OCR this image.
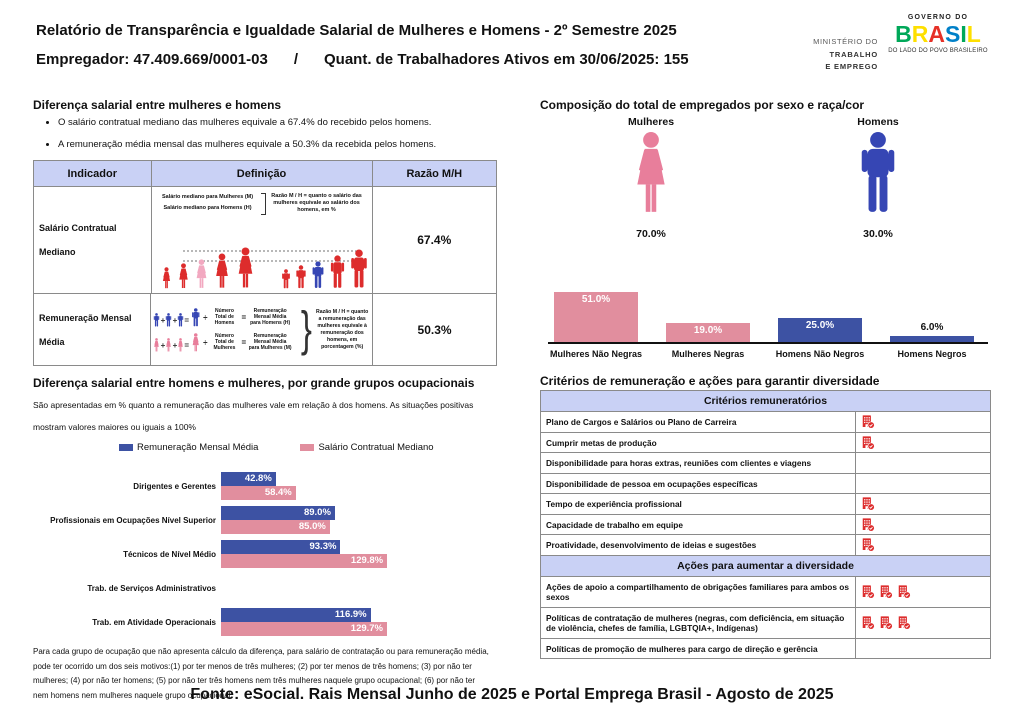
Relatório de Transparência e Igualdade Salarial de Mulheres e Homens - 2º Semestre 2025
Empregador: 47.409.669/0001-03 / Quant. de Trabalhadores Ativos em 30/06/2025: 155
MINISTÉRIO DO
TRABALHO
E EMPREGO
GOVERNO DO
BRASIL
DO LADO DO POVO BRASILEIRO
Diferença salarial entre mulheres e homens
• O salário contratual mediano das mulheres equivale a 67.4% do recebido pelos homens.
• A remuneração média mensal das mulheres equivale a 50.3% da recebida pelos homens.
Indicador	Definição	Razão M/H
Salário Contratual Mediano
Salário mediano para Mulheres (M)
Salário mediano para Homens (H)
Razão M / H = quanto o salário das mulheres equivale ao salário dos homens, em %
67.4%
Remuneração Mensal Média
+ + = ÷
Número Total de Homens
=
Remuneração Mensal Média para Homens (H)
+ + = ÷
Número Total de Mulheres
=
Remuneração Mensal Média para Mulheres (M) } Razão M / H = quanto a remuneração das mulheres equivale à remuneração dos homens, em porcentagem (%)
50.3%
Composição do total de empregados por sexo e raça/cor
Mulheres	Homens
70.0%	30.0%
51.0%
Mulheres Não Negras
19.0%
Mulheres Negras
25.0%
Homens Não Negros
6.0%
Homens Negros
Diferença salarial entre homens e mulheres, por grande grupos ocupacionais
São apresentadas em % quanto a remuneração das mulheres vale em relação à dos homens. As situações positivas mostram valores maiores ou iguais a 100%
Remuneração Mensal Média	Salário Contratual Mediano
Dirigentes e Gerentes
42.8%
58.4%
Profissionais em Ocupações Nível Superior
89.0%
85.0%
Técnicos de Nível Médio
93.3%
129.8%
Trab. de Serviços Administrativos
Trab. em Atividade Operacionais
116.9%
129.7%
Para cada grupo de ocupação que não apresenta cálculo da diferença, para salário de contratação ou para remuneração média, pode ter ocorrido um dos seis motivos:(1) por ter menos de três mulheres; (2) por ter menos de três homens; (3) por não ter mulheres; (4) por não ter homens; (5) por não ter três homens nem três mulheres naquele grupo ocupacional; (6) por não ter nem homens nem mulheres naquele grupo ocupacional
Critérios de remuneração e ações para garantir diversidade
Critérios remuneratórios
Plano de Cargos e Salários ou Plano de Carreira
Cumprir metas de produção
Disponibilidade para horas extras, reuniões com clientes e viagens
Disponibilidade de pessoa em ocupações específicas
Tempo de experiência profissional
Capacidade de trabalho em equipe
Proatividade, desenvolvimento de ideias e sugestões
Ações para aumentar a diversidade
Ações de apoio a compartilhamento de obrigações familiares para ambos os sexos
Políticas de contratação de mulheres (negras, com deficiência, em situação de violência, chefes de família, LGBTQIA+, Indígenas)
Políticas de promoção de mulheres para cargo de direção e gerência
Fonte: eSocial. Rais Mensal Junho de 2025 e Portal Emprega Brasil - Agosto de 2025
